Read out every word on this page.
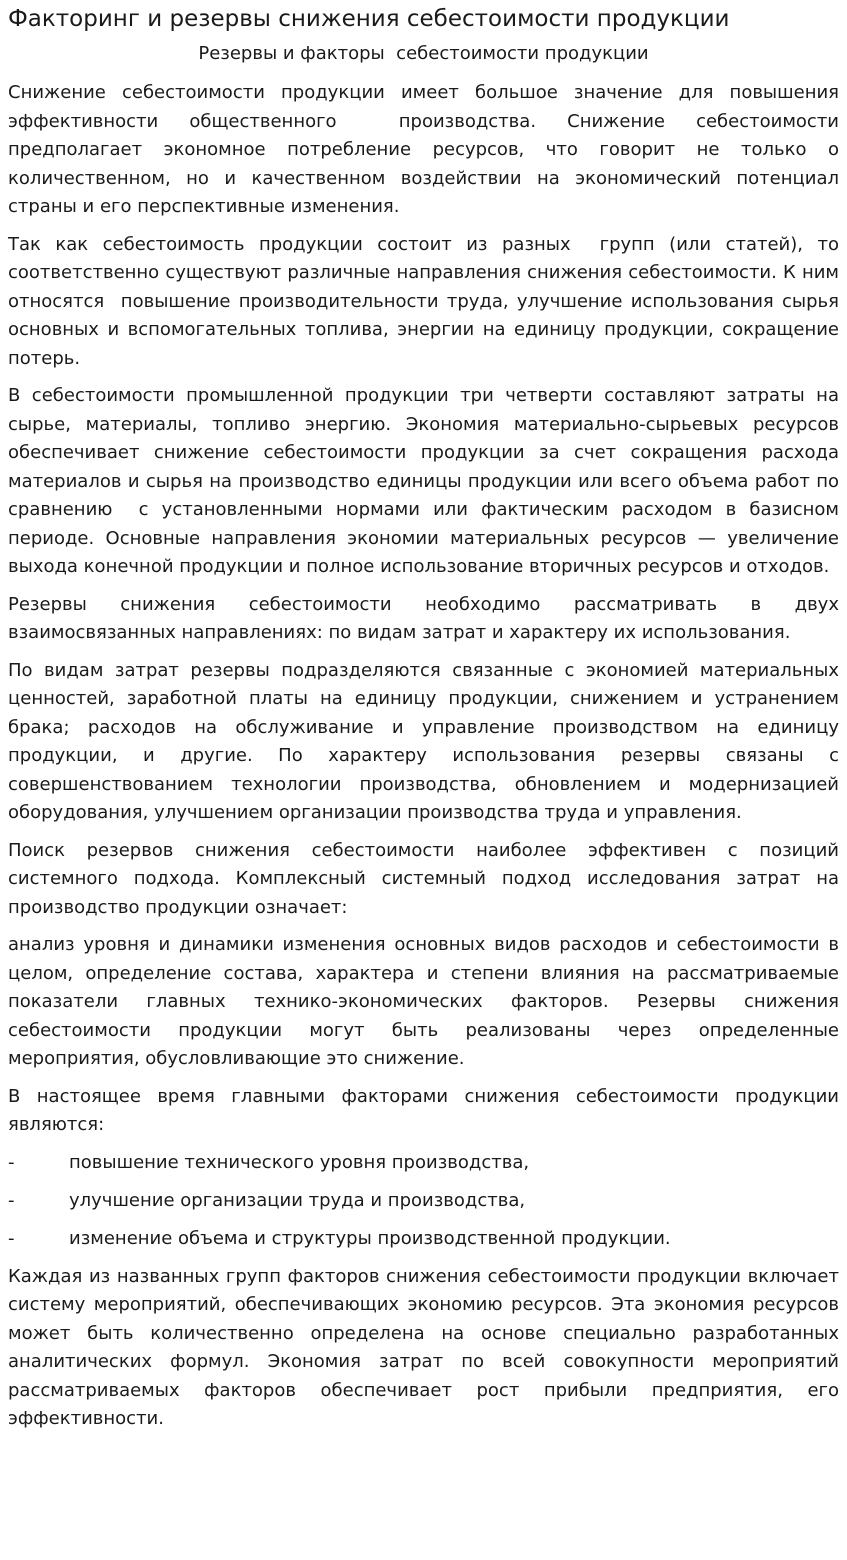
Факторинг и резервы снижения себестоимости продукции
Резервы и факторы  себестоимости продукции

Снижение себестоимости продукции имеет большое значение для повышения эффективности общественного  производства. Снижение себестоимости предполагает экономное потребление ресурсов, что говорит не только о количественном, но и качественном воздействии на экономический потенциал страны и его перспективные изменения.

Так как себестоимость продукции состоит из разных  групп (или статей), то соответственно существуют различные направления снижения себестоимости. К ним относятся  повышение производительности труда, улучшение использования сырья основных и вспомогательных топлива, энергии на единицу продукции, сокращение потерь.

В себестоимости промышленной продукции три четверти составляют затраты на сырье, материалы, топливо энергию. Экономия материально-сырьевых ресурсов обеспечивает снижение себестоимости продукции за счет сокращения расхода материалов и сырья на производство единицы продукции или всего объема работ по сравнению  с установленными нормами или фактическим расходом в базисном периоде. Основные направления экономии материальных ресурсов — увеличение выхода конечной продукции и полное использование вторичных ресурсов и отходов.

Резервы снижения себестоимости необходимо рассматривать в двух взаимосвязанных направлениях: по видам затрат и характеру их использования.

По видам затрат резервы подразделяются связанные с экономией материальных ценностей, заработной платы на единицу продукции, снижением и устранением брака; расходов на обслуживание и управление производством на единицу продукции, и другие. По характеру использования резервы связаны с совершенствованием технологии производства, обновлением и модернизацией оборудования, улучшением организации производства труда и управления.

Поиск резервов снижения себестоимости наиболее эффективен с позиций системного подхода. Комплексный системный подход исследования затрат на производство продукции означает:

анализ уровня и динамики изменения основных видов расходов и себестоимости в целом, определение состава, характера и степени влияния на рассматриваемые показатели главных технико-экономических факторов. Резервы снижения себестоимости продукции могут быть реализованы через определенные мероприятия, обусловливающие это снижение.

В настоящее время главными факторами снижения себестоимости продукции являются:

-	повышение технического уровня производства,
-	улучшение организации труда и производства,
-	изменение объема и структуры производственной продукции.

Каждая из названных групп факторов снижения себестоимости продукции включает систему мероприятий, обеспечивающих экономию ресурсов. Эта экономия ресурсов может быть количественно определена на основе специально разработанных аналитических формул. Экономия затрат по всей совокупности мероприятий рассматриваемых факторов обеспечивает рост прибыли предприятия, его эффективности.
